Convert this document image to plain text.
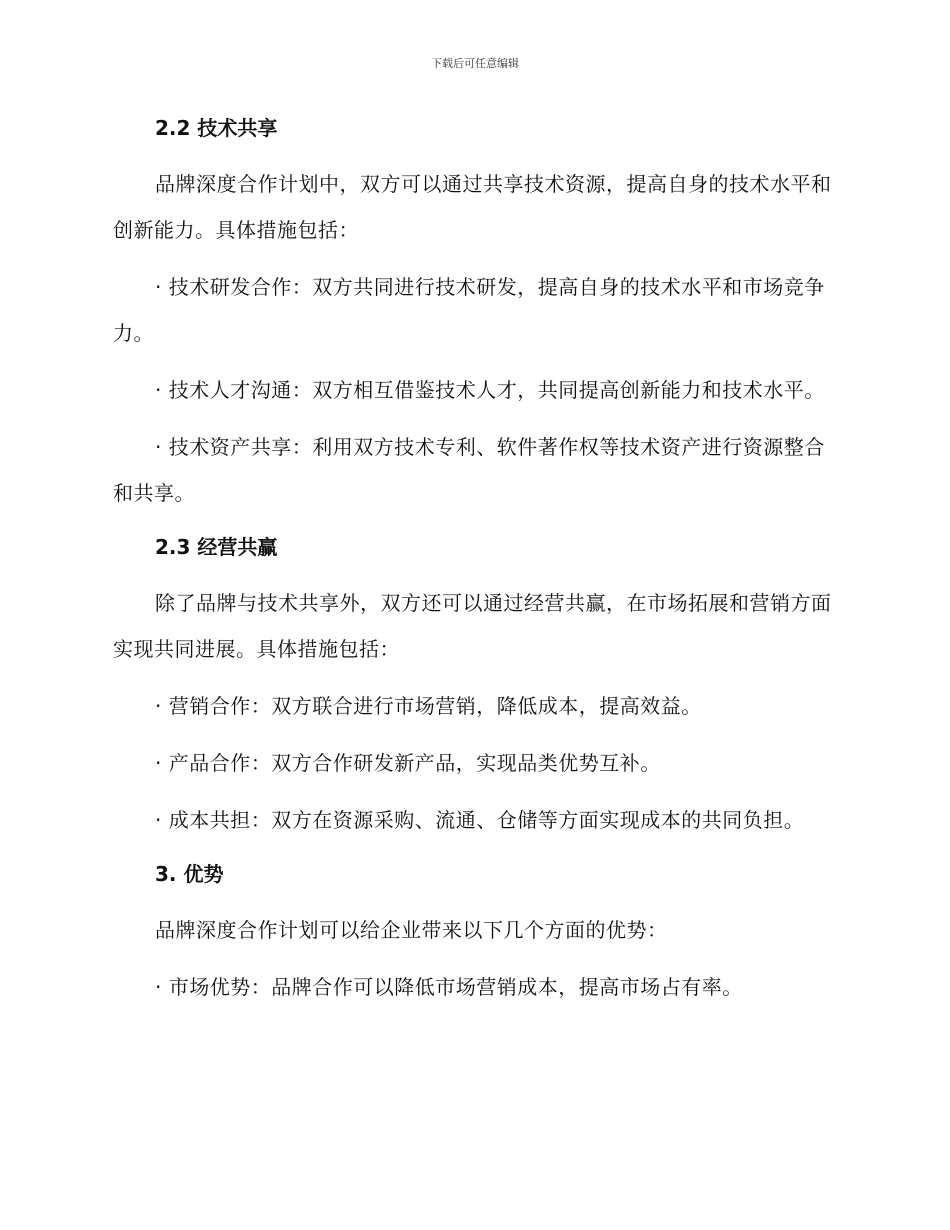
下载后可任意编辑
2.2 技术共享

品牌深度合作计划中，双方可以通过共享技术资源，提高自身的技术水平和创新能力。具体措施包括：

· 技术研发合作：双方共同进行技术研发，提高自身的技术水平和市场竞争力。

· 技术人才沟通：双方相互借鉴技术人才，共同提高创新能力和技术水平。

· 技术资产共享：利用双方技术专利、软件著作权等技术资产进行资源整合和共享。

2.3 经营共赢

除了品牌与技术共享外，双方还可以通过经营共赢，在市场拓展和营销方面实现共同进展。具体措施包括：

· 营销合作：双方联合进行市场营销，降低成本，提高效益。

· 产品合作：双方合作研发新产品，实现品类优势互补。

· 成本共担：双方在资源采购、流通、仓储等方面实现成本的共同负担。

3. 优势

品牌深度合作计划可以给企业带来以下几个方面的优势：

· 市场优势：品牌合作可以降低市场营销成本，提高市场占有率。
